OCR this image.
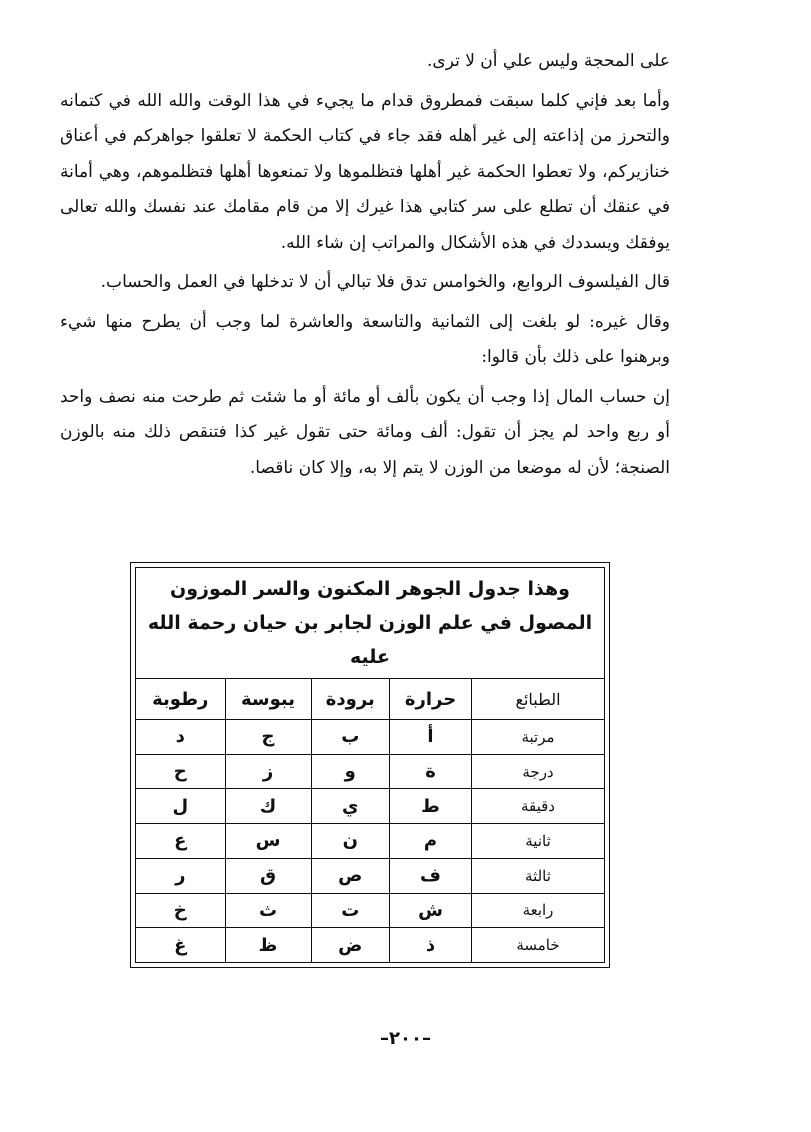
على المحجة وليس علي أن لا ترى.

وأما بعد فإني كلما سبقت فمطروق قدام ما يجيء في هذا الوقت والله الله في كتمانه والتحرز من إذاعته إلى غير أهله فقد جاء في كتاب الحكمة لا تعلقوا جواهركم في أعناق خنازيركم، ولا تعطوا الحكمة غير أهلها فتظلموها ولا تمنعوها أهلها فتظلموهم، وهي أمانة في عنقك أن تطلع على سر كتابي هذا غيرك إلا من قام مقامك عند نفسك والله تعالى يوفقك ويسددك في هذه الأشكال والمراتب إن شاء الله.

قال الفيلسوف الروابع، والخوامس تدق فلا تبالي أن لا تدخلها في العمل والحساب.

وقال غيره: لو بلغت إلى الثمانية والتاسعة والعاشرة لما وجب أن يطرح منها شيء وبرهنوا على ذلك بأن قالوا:

إن حساب المال إذا وجب أن يكون بألف أو مائة أو ما شئت ثم طرحت منه نصف واحد أو ربع واحد لم يجز أن تقول: ألف ومائة حتى تقول غير كذا فتنقص ذلك منه بالوزن الصنجة؛ لأن له موضعا من الوزن لا يتم إلا به، وإلا كان ناقصا.

وهذا جدول الجوهر المكنون والسر الموزون المصول في علم الوزن لجابر بن حيان رحمة الله عليه				
الطبائع	حرارة	برودة	يبوسة	رطوبة
مرتبة	أ	ب	ج	د
درجة	ة	و	ز	ح
دقيقة	ط	ي	ك	ل
ثانية	م	ن	س	ع
ثالثة	ف	ص	ق	ر
رابعة	ش	ت	ث	خ
خامسة	ذ	ض	ظ	غ
–٢٠٠–
